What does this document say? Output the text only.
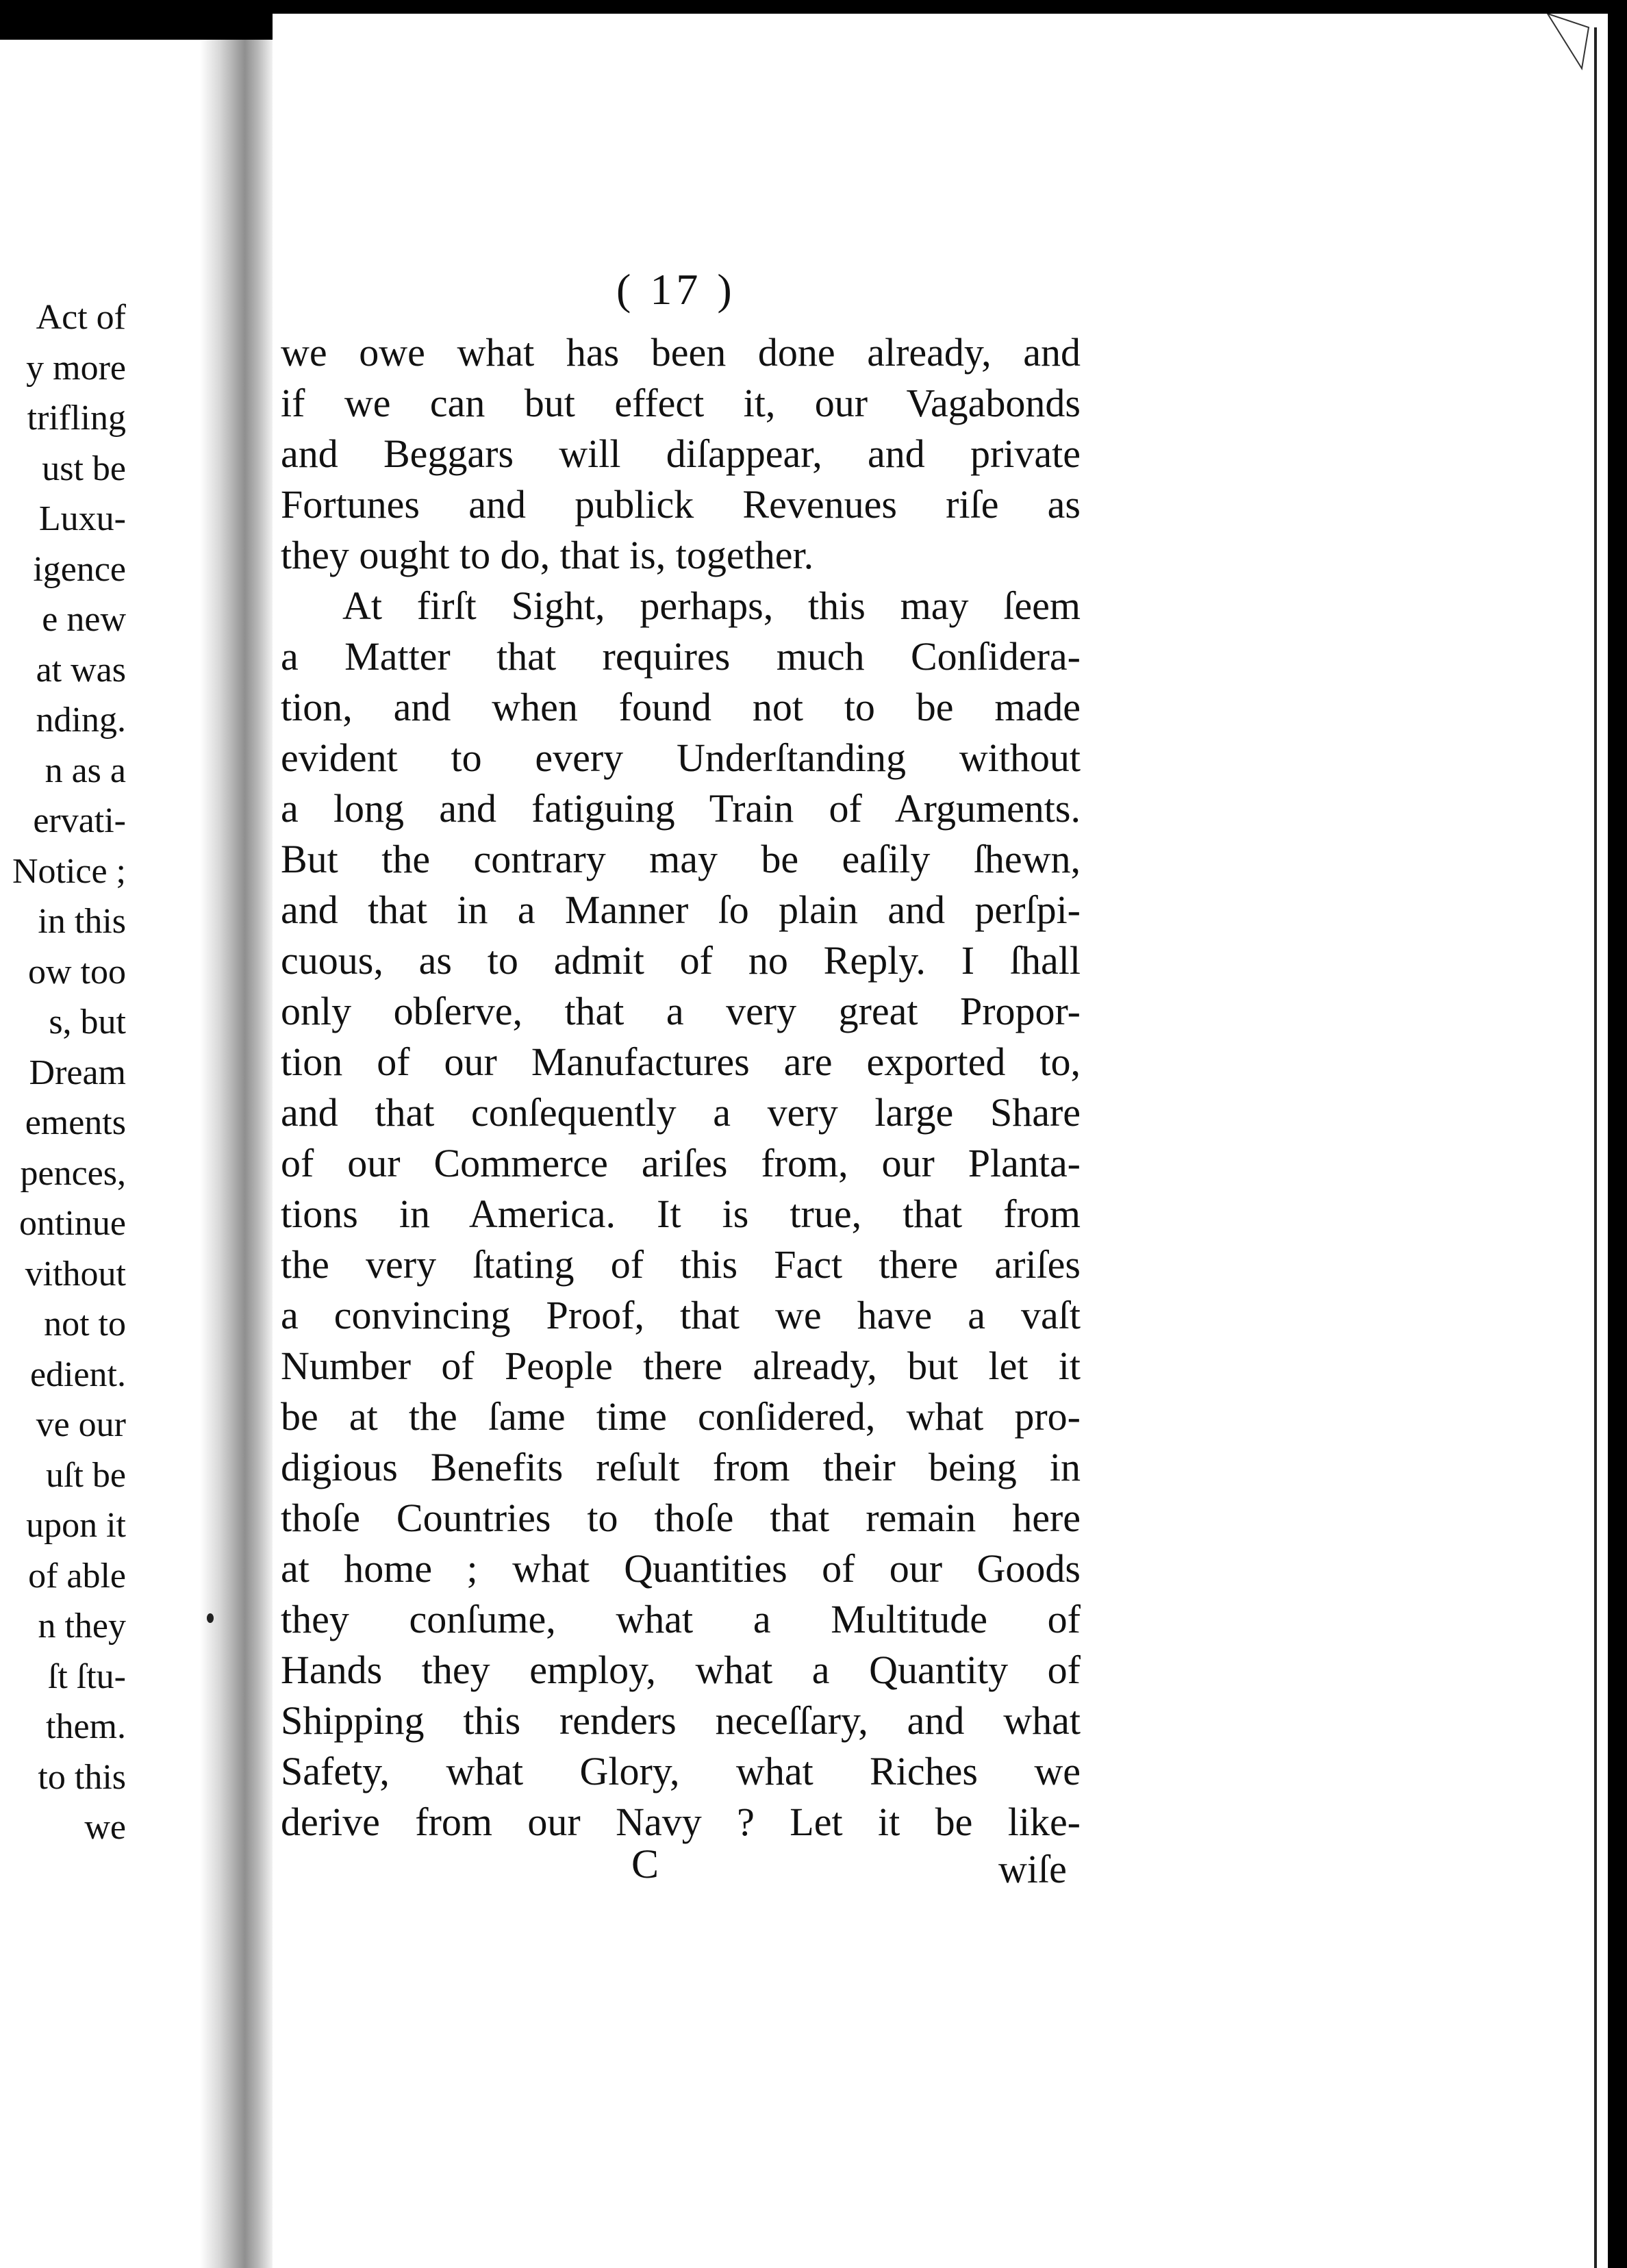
Act of
y more
trifling
ust be
Luxu-
igence
e new
at was
nding.
n as a
ervati-
Notice ;
in this
ow too
s, but
Dream
ements
pences,
ontinue
vithout
not to
edient.
ve our
uſt be
upon it
of able
n they
ſt ſtu-
them.
to this
we
( 17 )
we owe what has been done already, and
if we can but effect it, our Vagabonds
and Beggars will diſappear, and private
Fortunes and publick Revenues riſe as
they ought to do, that is, together.
At firſt Sight, perhaps, this may ſeem
a Matter that requires much Conſidera-
tion, and when found not to be made
evident to every Underſtanding without
a long and fatiguing Train of Arguments.
But the contrary may be eaſily ſhewn,
and that in a Manner ſo plain and perſpi-
cuous, as to admit of no Reply. I ſhall
only obſerve, that a very great Propor-
tion of our Manufactures are exported to,
and that conſequently a very large Share
of our Commerce ariſes from, our Planta-
tions in America. It is true, that from
the very ſtating of this Fact there ariſes
a convincing Proof, that we have a vaſt
Number of People there already, but let it
be at the ſame time conſidered, what pro-
digious Benefits reſult from their being in
thoſe Countries to thoſe that remain here
at home ; what Quantities of our Goods
they conſume, what a Multitude of
Hands they employ, what a Quantity of
Shipping this renders neceſſary, and what
Safety, what Glory, what Riches we
derive from our Navy ? Let it be like-
C	wiſe
